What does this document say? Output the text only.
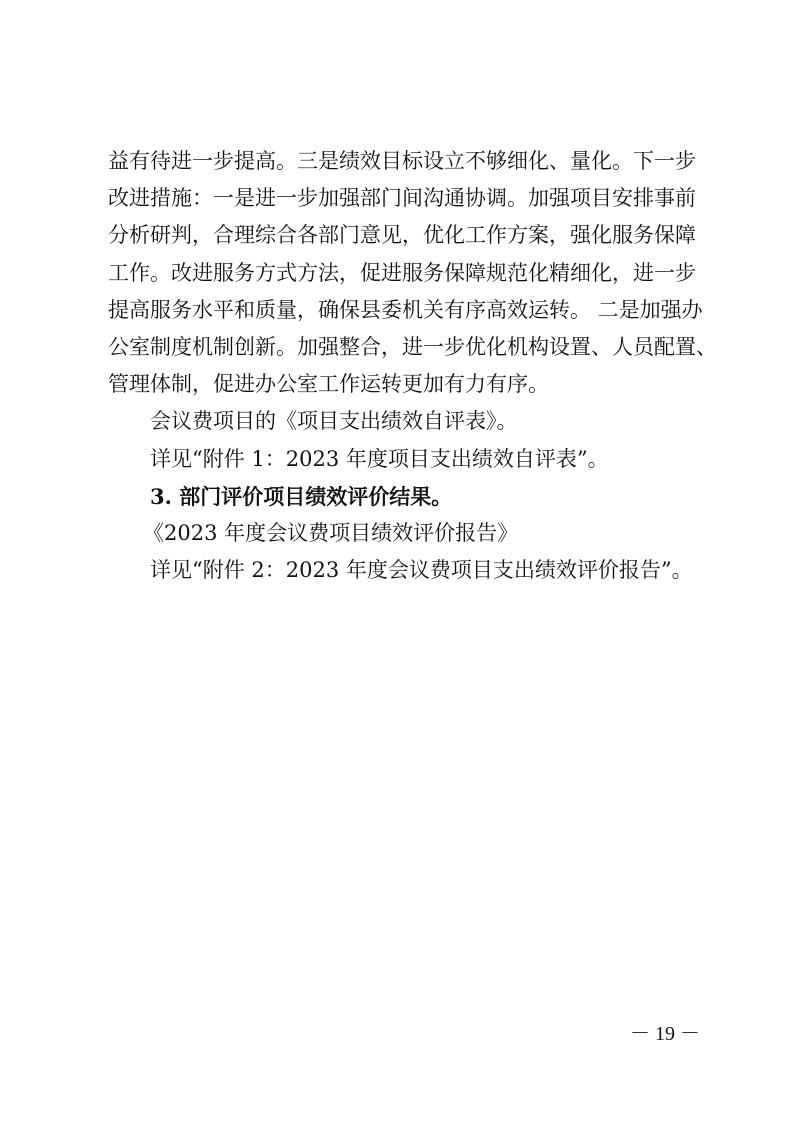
益有待进一步提高。三是绩效目标设立不够细化、量化。下一步
改进措施：一是进一步加强部门间沟通协调。加强项目安排事前
分析研判，合理综合各部门意见，优化工作方案，强化服务保障
工作。改进服务方式方法，促进服务保障规范化精细化，进一步
提高服务水平和质量，确保县委机关有序高效运转。 二是加强办
公室制度机制创新。加强整合，进一步优化机构设置、人员配置、
管理体制，促进办公室工作运转更加有力有序。

会议费项目的《项目支出绩效自评表》。

详见“附件 1：2023 年度项目支出绩效自评表”。

3. 部门评价项目绩效评价结果。

《2023 年度会议费项目绩效评价报告》

详见“附件 2：2023 年度会议费项目支出绩效评价报告”。

－ 19 －
